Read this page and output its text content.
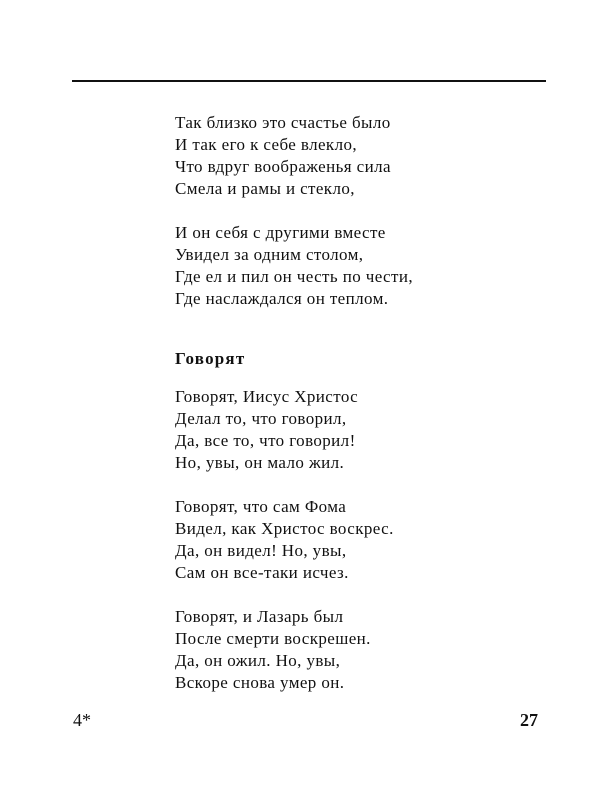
Так близко это счастье было
И так его к себе влекло,
Что вдруг воображенья сила
Смела и рамы и стекло,

И он себя с другими вместе
Увидел за одним столом,
Где ел и пил он честь по чести,
Где наслаждался он теплом.

Говорят

Говорят, Иисус Христос
Делал то, что говорил,
Да, все то, что говорил!
Но, увы, он мало жил.

Говорят, что сам Фома
Видел, как Христос воскрес.
Да, он видел! Но, увы,
Сам он все-таки исчез.

Говорят, и Лазарь был
После смерти воскрешен.
Да, он ожил. Но, увы,
Вскоре снова умер он.

4*	27
